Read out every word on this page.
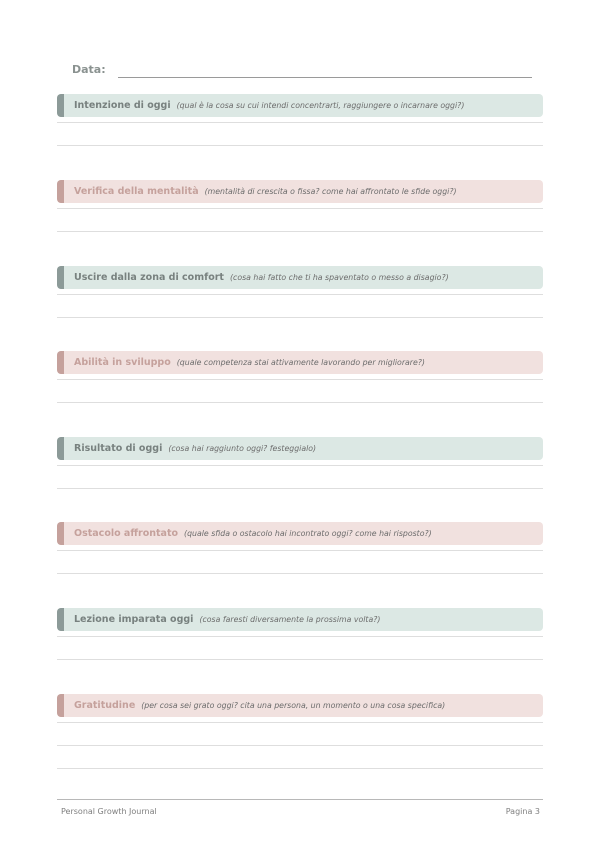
Data:
Intenzione di oggi (qual è la cosa su cui intendi concentrarti, raggiungere o incarnare oggi?)
Verifica della mentalità (mentalità di crescita o fissa? come hai affrontato le sfide oggi?)
Uscire dalla zona di comfort (cosa hai fatto che ti ha spaventato o messo a disagio?)
Abilità in sviluppo (quale competenza stai attivamente lavorando per migliorare?)
Risultato di oggi (cosa hai raggiunto oggi? festeggialo)
Ostacolo affrontato (quale sfida o ostacolo hai incontrato oggi? come hai risposto?)
Lezione imparata oggi (cosa faresti diversamente la prossima volta?)
Gratitudine (per cosa sei grato oggi? cita una persona, un momento o una cosa specifica)
Personal Growth Journal	Pagina 3
